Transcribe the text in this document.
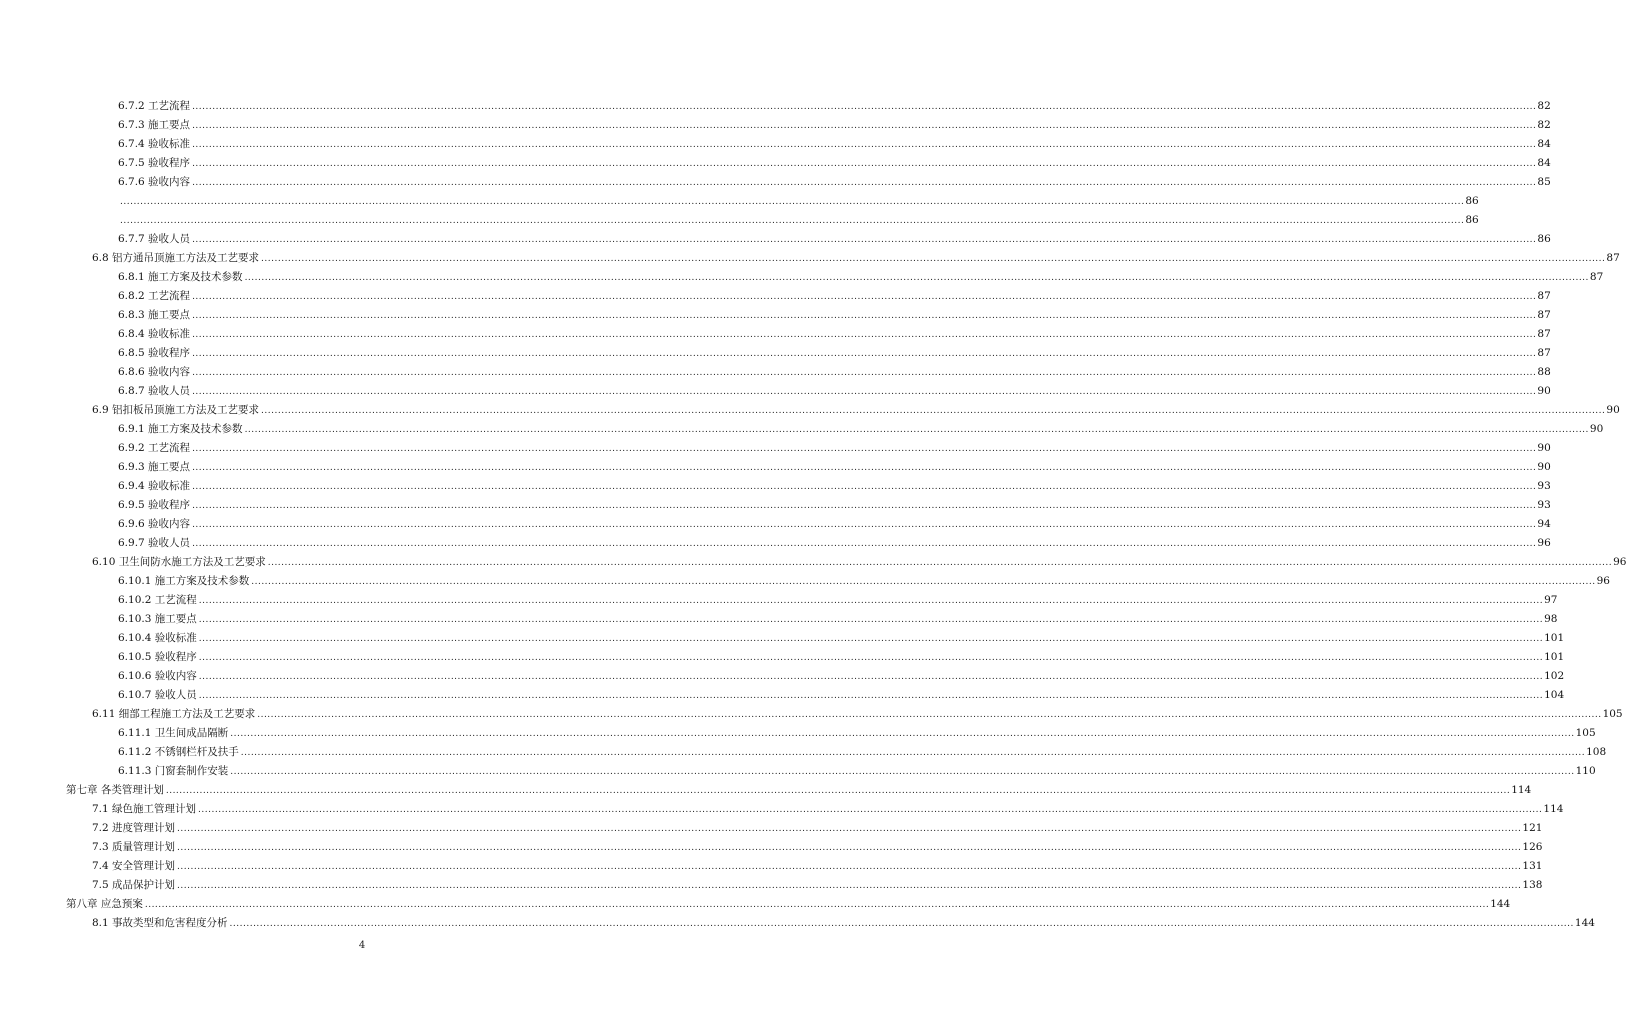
6.7.2 工艺流程 ................................................................................................................................................................................................................................................................................................................................................................................................................ 82
6.7.3 施工要点 ................................................................................................................................................................................................................................................................................................................................................................................................................ 82
6.7.4 验收标准 ................................................................................................................................................................................................................................................................................................................................................................................................................ 84
6.7.5 验收程序 ................................................................................................................................................................................................................................................................................................................................................................................................................ 84
6.7.6 验收内容 ................................................................................................................................................................................................................................................................................................................................................................................................................ 85
................................................................................................................................................................................................................................................................................................................................................................................................................ 86
................................................................................................................................................................................................................................................................................................................................................................................................................ 86
6.7.7 验收人员 ................................................................................................................................................................................................................................................................................................................................................................................................................ 86
6.8 铝方通吊顶施工方法及工艺要求 ................................................................................................................................................................................................................................................................................................................................................................................................................ 87
6.8.1 施工方案及技术参数 ................................................................................................................................................................................................................................................................................................................................................................................................................ 87
6.8.2 工艺流程 ................................................................................................................................................................................................................................................................................................................................................................................................................ 87
6.8.3 施工要点 ................................................................................................................................................................................................................................................................................................................................................................................................................ 87
6.8.4 验收标准 ................................................................................................................................................................................................................................................................................................................................................................................................................ 87
6.8.5 验收程序 ................................................................................................................................................................................................................................................................................................................................................................................................................ 87
6.8.6 验收内容 ................................................................................................................................................................................................................................................................................................................................................................................................................ 88
6.8.7 验收人员 ................................................................................................................................................................................................................................................................................................................................................................................................................ 90
6.9 铝扣板吊顶施工方法及工艺要求 ................................................................................................................................................................................................................................................................................................................................................................................................................ 90
6.9.1 施工方案及技术参数 ................................................................................................................................................................................................................................................................................................................................................................................................................ 90
6.9.2 工艺流程 ................................................................................................................................................................................................................................................................................................................................................................................................................ 90
6.9.3 施工要点 ................................................................................................................................................................................................................................................................................................................................................................................................................ 90
6.9.4 验收标准 ................................................................................................................................................................................................................................................................................................................................................................................................................ 93
6.9.5 验收程序 ................................................................................................................................................................................................................................................................................................................................................................................................................ 93
6.9.6 验收内容 ................................................................................................................................................................................................................................................................................................................................................................................................................ 94
6.9.7 验收人员 ................................................................................................................................................................................................................................................................................................................................................................................................................ 96
6.10 卫生间防水施工方法及工艺要求 ................................................................................................................................................................................................................................................................................................................................................................................................................ 96
6.10.1 施工方案及技术参数 ................................................................................................................................................................................................................................................................................................................................................................................................................ 96
6.10.2 工艺流程 ................................................................................................................................................................................................................................................................................................................................................................................................................ 97
6.10.3 施工要点 ................................................................................................................................................................................................................................................................................................................................................................................................................ 98
6.10.4 验收标准 ................................................................................................................................................................................................................................................................................................................................................................................................................ 101
6.10.5 验收程序 ................................................................................................................................................................................................................................................................................................................................................................................................................ 101
6.10.6 验收内容 ................................................................................................................................................................................................................................................................................................................................................................................................................ 102
6.10.7 验收人员 ................................................................................................................................................................................................................................................................................................................................................................................................................ 104
6.11 细部工程施工方法及工艺要求 ................................................................................................................................................................................................................................................................................................................................................................................................................ 105
6.11.1 卫生间成品隔断 ................................................................................................................................................................................................................................................................................................................................................................................................................ 105
6.11.2 不锈钢栏杆及扶手 ................................................................................................................................................................................................................................................................................................................................................................................................................ 108
6.11.3 门窗套制作安装 ................................................................................................................................................................................................................................................................................................................................................................................................................ 110
第七章 各类管理计划 ................................................................................................................................................................................................................................................................................................................................................................................................................ 114
7.1 绿色施工管理计划 ................................................................................................................................................................................................................................................................................................................................................................................................................ 114
7.2 进度管理计划 ................................................................................................................................................................................................................................................................................................................................................................................................................ 121
7.3 质量管理计划 ................................................................................................................................................................................................................................................................................................................................................................................................................ 126
7.4 安全管理计划 ................................................................................................................................................................................................................................................................................................................................................................................................................ 131
7.5 成品保护计划 ................................................................................................................................................................................................................................................................................................................................................................................................................ 138
第八章 应急预案 ................................................................................................................................................................................................................................................................................................................................................................................................................ 144
8.1 事故类型和危害程度分析 ................................................................................................................................................................................................................................................................................................................................................................................................................ 144
4
